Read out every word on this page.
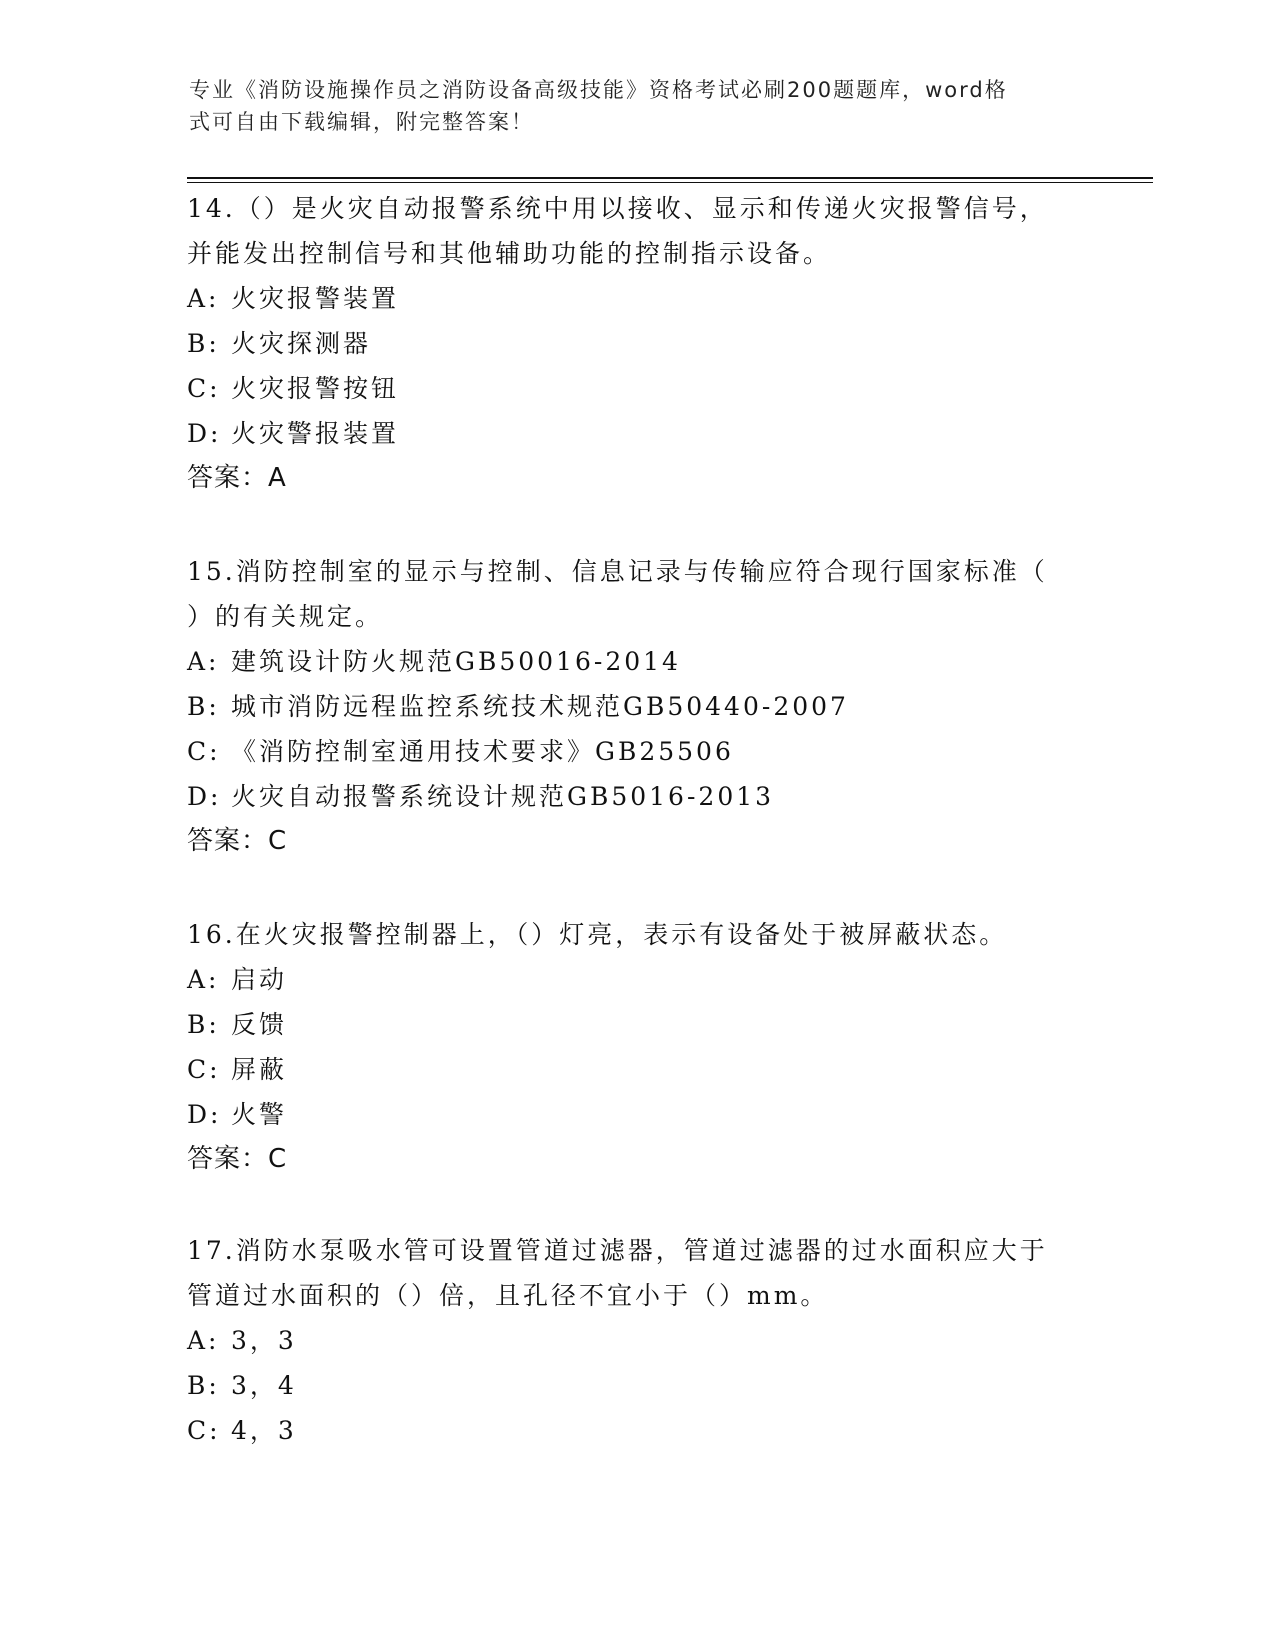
专业《消防设施操作员之消防设备高级技能》资格考试必刷200题题库，word格
式可自由下载编辑，附完整答案！

14.（）是火灾自动报警系统中用以接收、显示和传递火灾报警信号，

并能发出控制信号和其他辅助功能的控制指示设备。

A: 火灾报警装置

B: 火灾探测器

C: 火灾报警按钮

D: 火灾警报装置

答案：A

15.消防控制室的显示与控制、信息记录与传输应符合现行国家标准（

）的有关规定。

A: 建筑设计防火规范GB50016-2014

B: 城市消防远程监控系统技术规范GB50440-2007

C: 《消防控制室通用技术要求》GB25506

D: 火灾自动报警系统设计规范GB5016-2013

答案：C

16.在火灾报警控制器上，（）灯亮，表示有设备处于被屏蔽状态。

A: 启动

B: 反馈

C: 屏蔽

D: 火警

答案：C

17.消防水泵吸水管可设置管道过滤器，管道过滤器的过水面积应大于

管道过水面积的（）倍，且孔径不宜小于（）mm。

A: 3，3

B: 3，4

C: 4，3
